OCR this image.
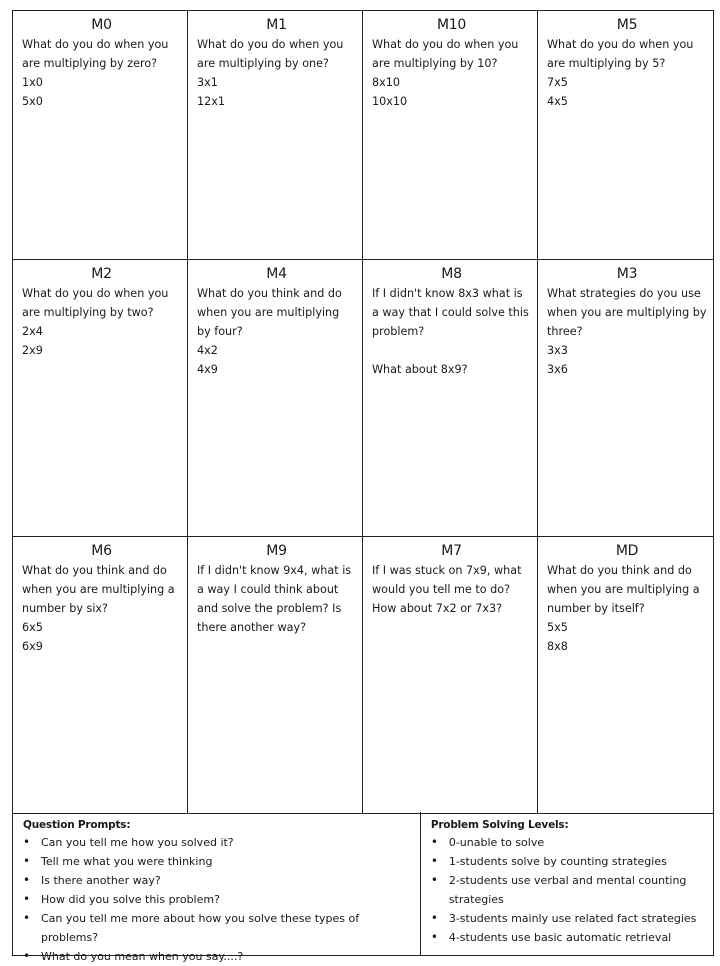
M0

What do you do when you are multiplying by zero?

1x0

5x0

M1

What do you do when you are multiplying by one?

3x1

12x1

M10

What do you do when you are multiplying by 10?

8x10

10x10

M5

What do you do when you are multiplying by 5?

7x5

4x5

M2

What do you do when you are multiplying by two?

2x4

2x9

M4

What do you think and do when you are multiplying by four?

4x2

4x9

M8

If I didn't know 8x3 what is a way that I could solve this problem?

What about 8x9?

M3

What strategies do you use when you are multiplying by three?

3x3

3x6

M6

What do you think and do when you are multiplying a number by six?

6x5

6x9

M9

If I didn't know 9x4, what is a way I could think about and solve the problem? Is there another way?

M7

If I was stuck on 7x9, what would you tell me to do? How about 7x2 or 7x3?

MD

What do you think and do when you are multiplying a number by itself?

5x5

8x8

Question Prompts:
• Can you tell me how you solved it?
• Tell me what you were thinking
• Is there another way?
• How did you solve this problem?
• Can you tell me more about how you solve these types of problems?
• What do you mean when you say....?
Problem Solving Levels:
• 0-unable to solve
• 1-students solve by counting strategies
• 2-students use verbal and mental counting strategies
• 3-students mainly use related fact strategies
• 4-students use basic automatic retrieval
